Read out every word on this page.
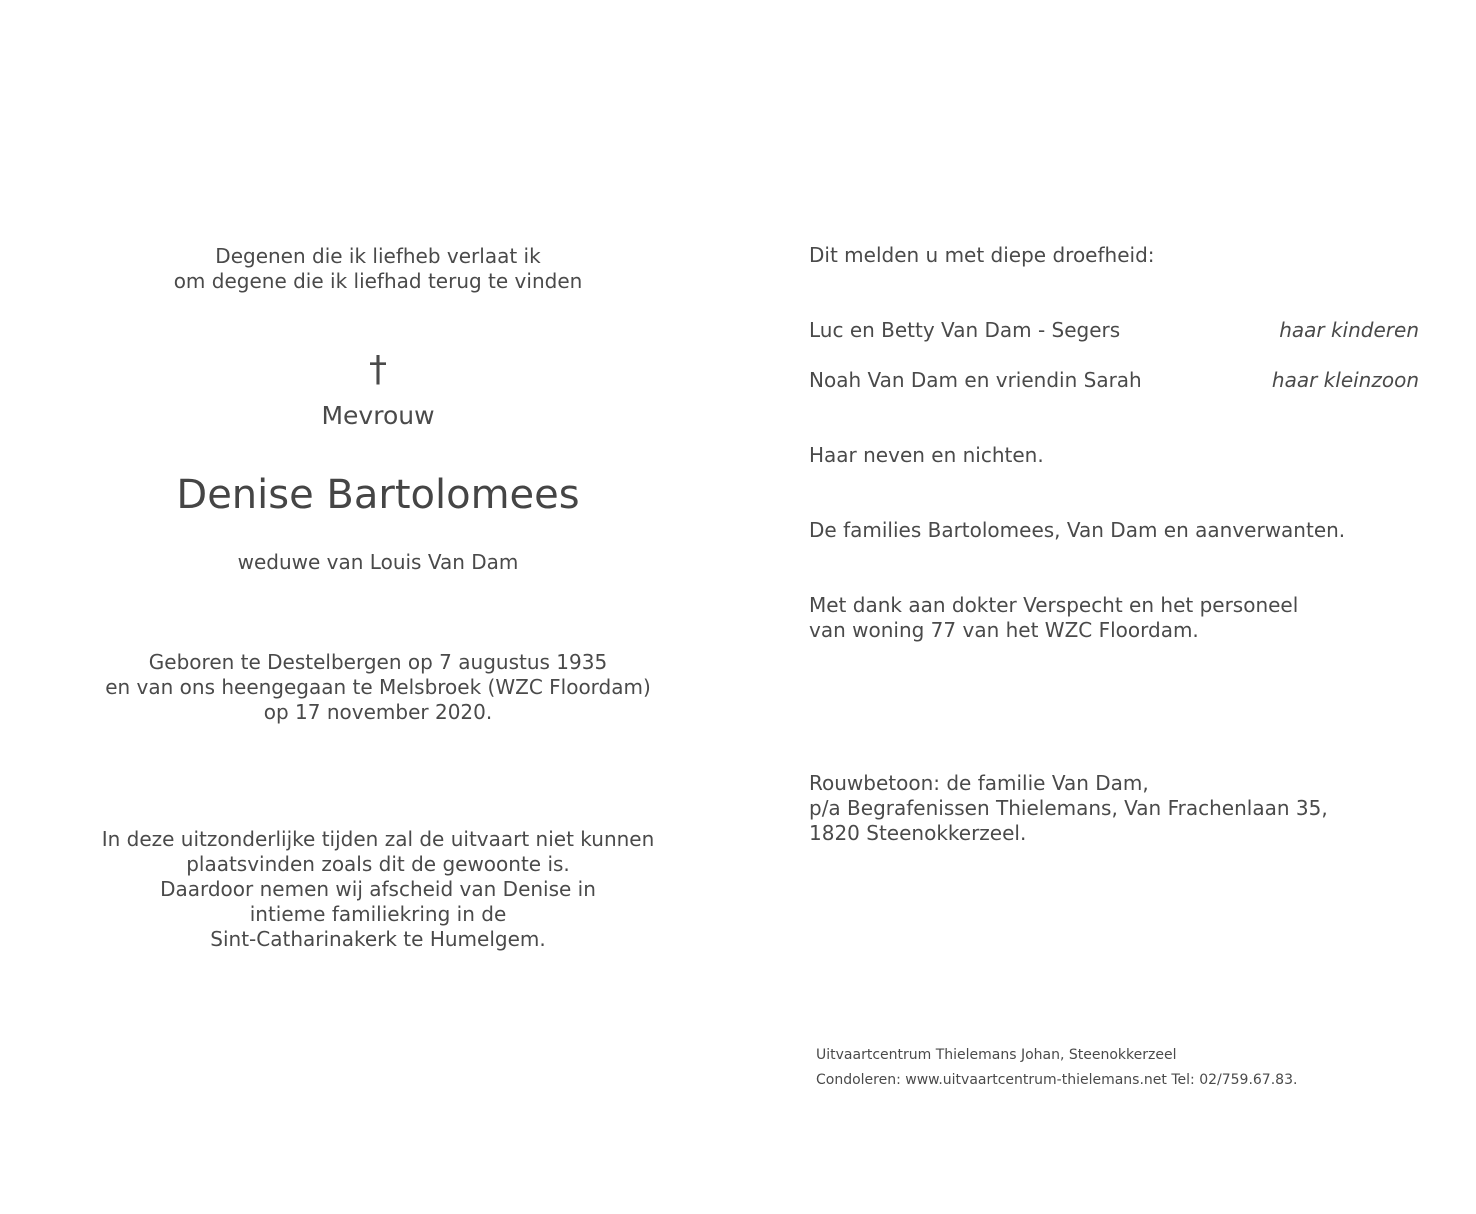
Degenen die ik liefheb verlaat ik
om degene die ik liefhad terug te vinden
†
Mevrouw
Denise Bartolomees
weduwe van Louis Van Dam
Geboren te Destelbergen op 7 augustus 1935
en van ons heengegaan te Melsbroek (WZC Floordam)
op 17 november 2020.
In deze uitzonderlijke tijden zal de uitvaart niet kunnen
plaatsvinden zoals dit de gewoonte is.
Daardoor nemen wij afscheid van Denise in
intieme familiekring in de
Sint-Catharinakerk te Humelgem.
Dit melden u met diepe droefheid:
Luc en Betty Van Dam - Segers	haar kinderen
Noah Van Dam en vriendin Sarah	haar kleinzoon
Haar neven en nichten.
De families Bartolomees, Van Dam en aanverwanten.
Met dank aan dokter Verspecht en het personeel
van woning 77 van het WZC Floordam.
Rouwbetoon: de familie Van Dam,
p/a Begrafenissen Thielemans, Van Frachenlaan 35,
1820 Steenokkerzeel.
Uitvaartcentrum Thielemans Johan, Steenokkerzeel
Condoleren: www.uitvaartcentrum-thielemans.net Tel: 02/759.67.83.
